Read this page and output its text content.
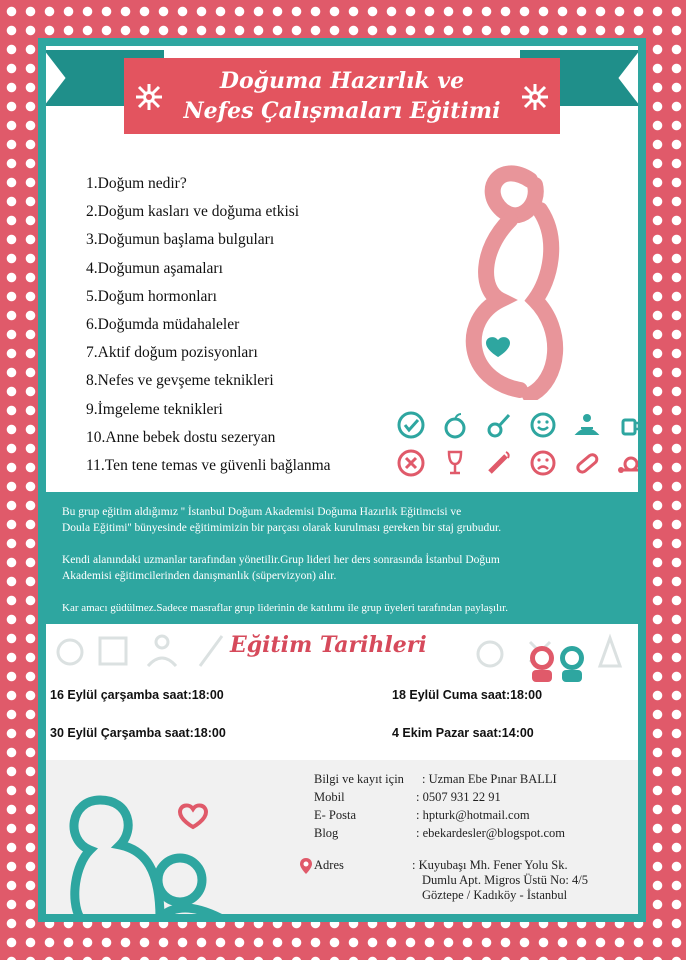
Doğuma Hazırlık ve
Nefes Çalışmaları Eğitimi
1.Doğum nedir?
2.Doğum kasları ve doğuma etkisi
3.Doğumun başlama bulguları
4.Doğumun aşamaları
5.Doğum hormonları
6.Doğumda müdahaleler
7.Aktif doğum pozisyonları
8.Nefes ve gevşeme teknikleri
9.İmgeleme teknikleri
10.Anne bebek dostu sezeryan
11.Ten tene temas ve güvenli bağlanma

Bu grup eğitim aldığımız '' İstanbul Doğum Akademisi Doğuma Hazırlık Eğitimcisi ve

Doula Eğitimi'' bünyesinde eğitimimizin bir parçası olarak kurulması gereken bir staj grubudur.

Kendi alanındaki uzmanlar tarafından yönetilir.Grup lideri her ders sonrasında İstanbul Doğum

Akademisi eğitimcilerinden danışmanlık (süpervizyon) alır.

Kar amacı güdülmez.Sadece masraflar grup liderinin de katılımı ile grup üyeleri tarafından paylaşılır.

Eğitim Tarihleri
16 Eylül çarşamba saat:18:00	18 Eylül Cuma saat:18:00
30 Eylül Çarşamba saat:18:00	4 Ekim Pazar saat:14:00
Bilgi ve kayıt için : Uzman Ebe Pınar BALLI
Mobil	: 0507 931 22 91
E- Posta	: hpturk@hotmail.com
Blog	: ebekardesler@blogspot.com
Adres	: Kuyubaşı Mh. Fener Yolu Sk.
Dumlu Apt. Migros Üstü No: 4/5
Göztepe / Kadıköy - İstanbul
